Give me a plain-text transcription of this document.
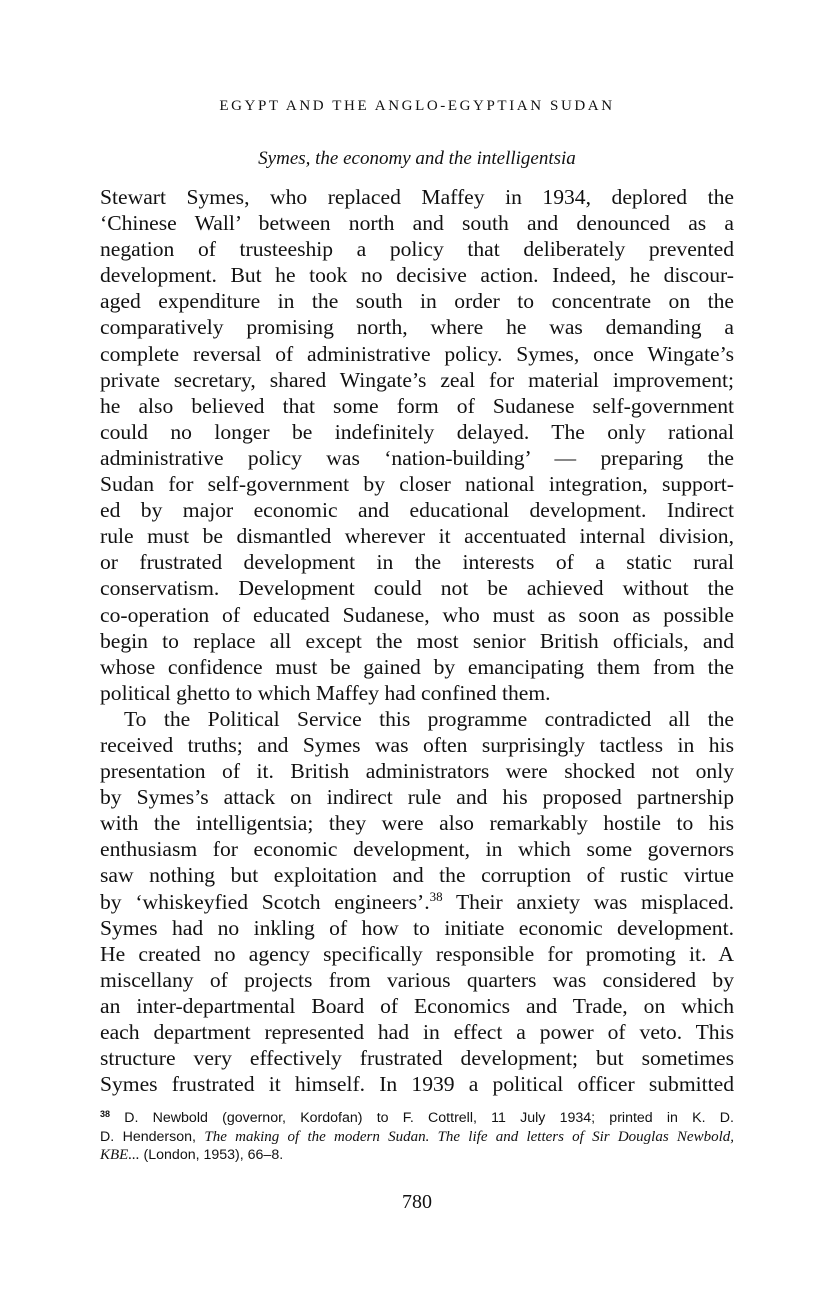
EGYPT AND THE ANGLO-EGYPTIAN SUDAN
Symes, the economy and the intelligentsia
Stewart Symes, who replaced Maffey in 1934, deplored the
‘Chinese Wall’ between north and south and denounced as a
negation of trusteeship a policy that deliberately prevented
development. But he took no decisive action. Indeed, he discour-
aged expenditure in the south in order to concentrate on the
comparatively promising north, where he was demanding a
complete reversal of administrative policy. Symes, once Wingate’s
private secretary, shared Wingate’s zeal for material improvement;
he also believed that some form of Sudanese self-government
could no longer be indefinitely delayed. The only rational
administrative policy was ‘nation-building’ — preparing the
Sudan for self-government by closer national integration, support-
ed by major economic and educational development. Indirect
rule must be dismantled wherever it accentuated internal division,
or frustrated development in the interests of a static rural
conservatism. Development could not be achieved without the
co-operation of educated Sudanese, who must as soon as possible
begin to replace all except the most senior British officials, and
whose confidence must be gained by emancipating them from the
political ghetto to which Maffey had confined them.
To the Political Service this programme contradicted all the
received truths; and Symes was often surprisingly tactless in his
presentation of it. British administrators were shocked not only
by Symes’s attack on indirect rule and his proposed partnership
with the intelligentsia; they were also remarkably hostile to his
enthusiasm for economic development, in which some governors
saw nothing but exploitation and the corruption of rustic virtue
by ‘whiskeyfied Scotch engineers’.$^{38}$ Their anxiety was misplaced.
Symes had no inkling of how to initiate economic development.
He created no agency specifically responsible for promoting it. A
miscellany of projects from various quarters was considered by
an inter-departmental Board of Economics and Trade, on which
each department represented had in effect a power of veto. This
structure very effectively frustrated development; but sometimes
Symes frustrated it himself. In 1939 a political officer submitted
$^{38}$ D. Newbold (governor, Kordofan) to F. Cottrell, 11 July 1934; printed in K. D.
D. Henderson, The making of the modern Sudan. The life and letters of Sir Douglas Newbold,
KBE... (London, 1953), 66–8.
780
